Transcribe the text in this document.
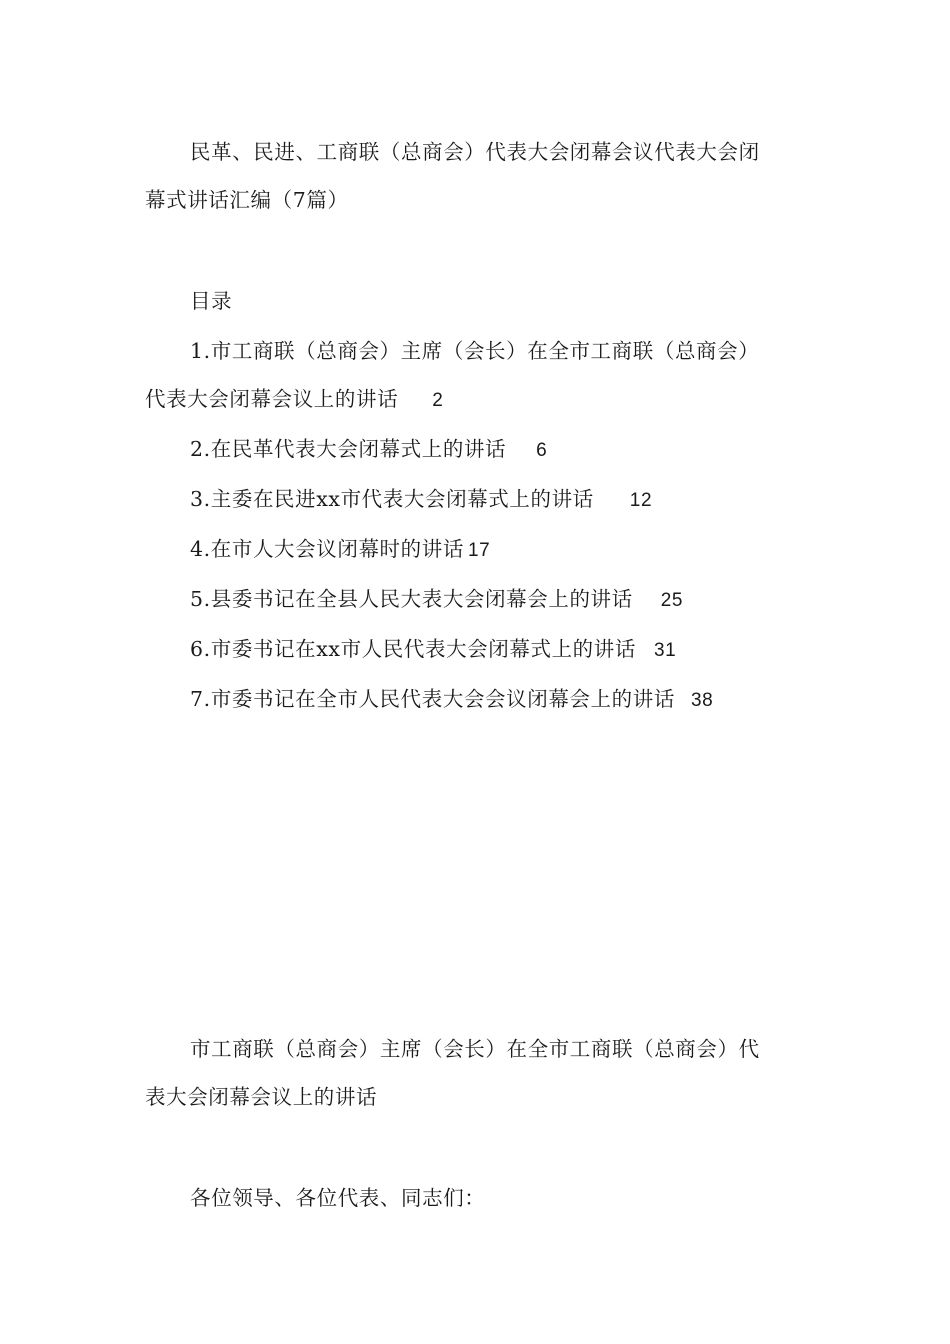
民革、民进、工商联（总商会）代表大会闭幕会议代表大会闭
幕式讲话汇编（7篇）
目录
1.市工商联（总商会）主席（会长）在全市工商联（总商会）
代表大会闭幕会议上的讲话 2
2.在民革代表大会闭幕式上的讲话 6
3.主委在民进xx市代表大会闭幕式上的讲话 12
4.在市人大会议闭幕时的讲话 17
5.县委书记在全县人民大表大会闭幕会上的讲话 25
6.市委书记在xx市人民代表大会闭幕式上的讲话 31
7.市委书记在全市人民代表大会会议闭幕会上的讲话 38
市工商联（总商会）主席（会长）在全市工商联（总商会）代
表大会闭幕会议上的讲话
各位领导、各位代表、同志们：
